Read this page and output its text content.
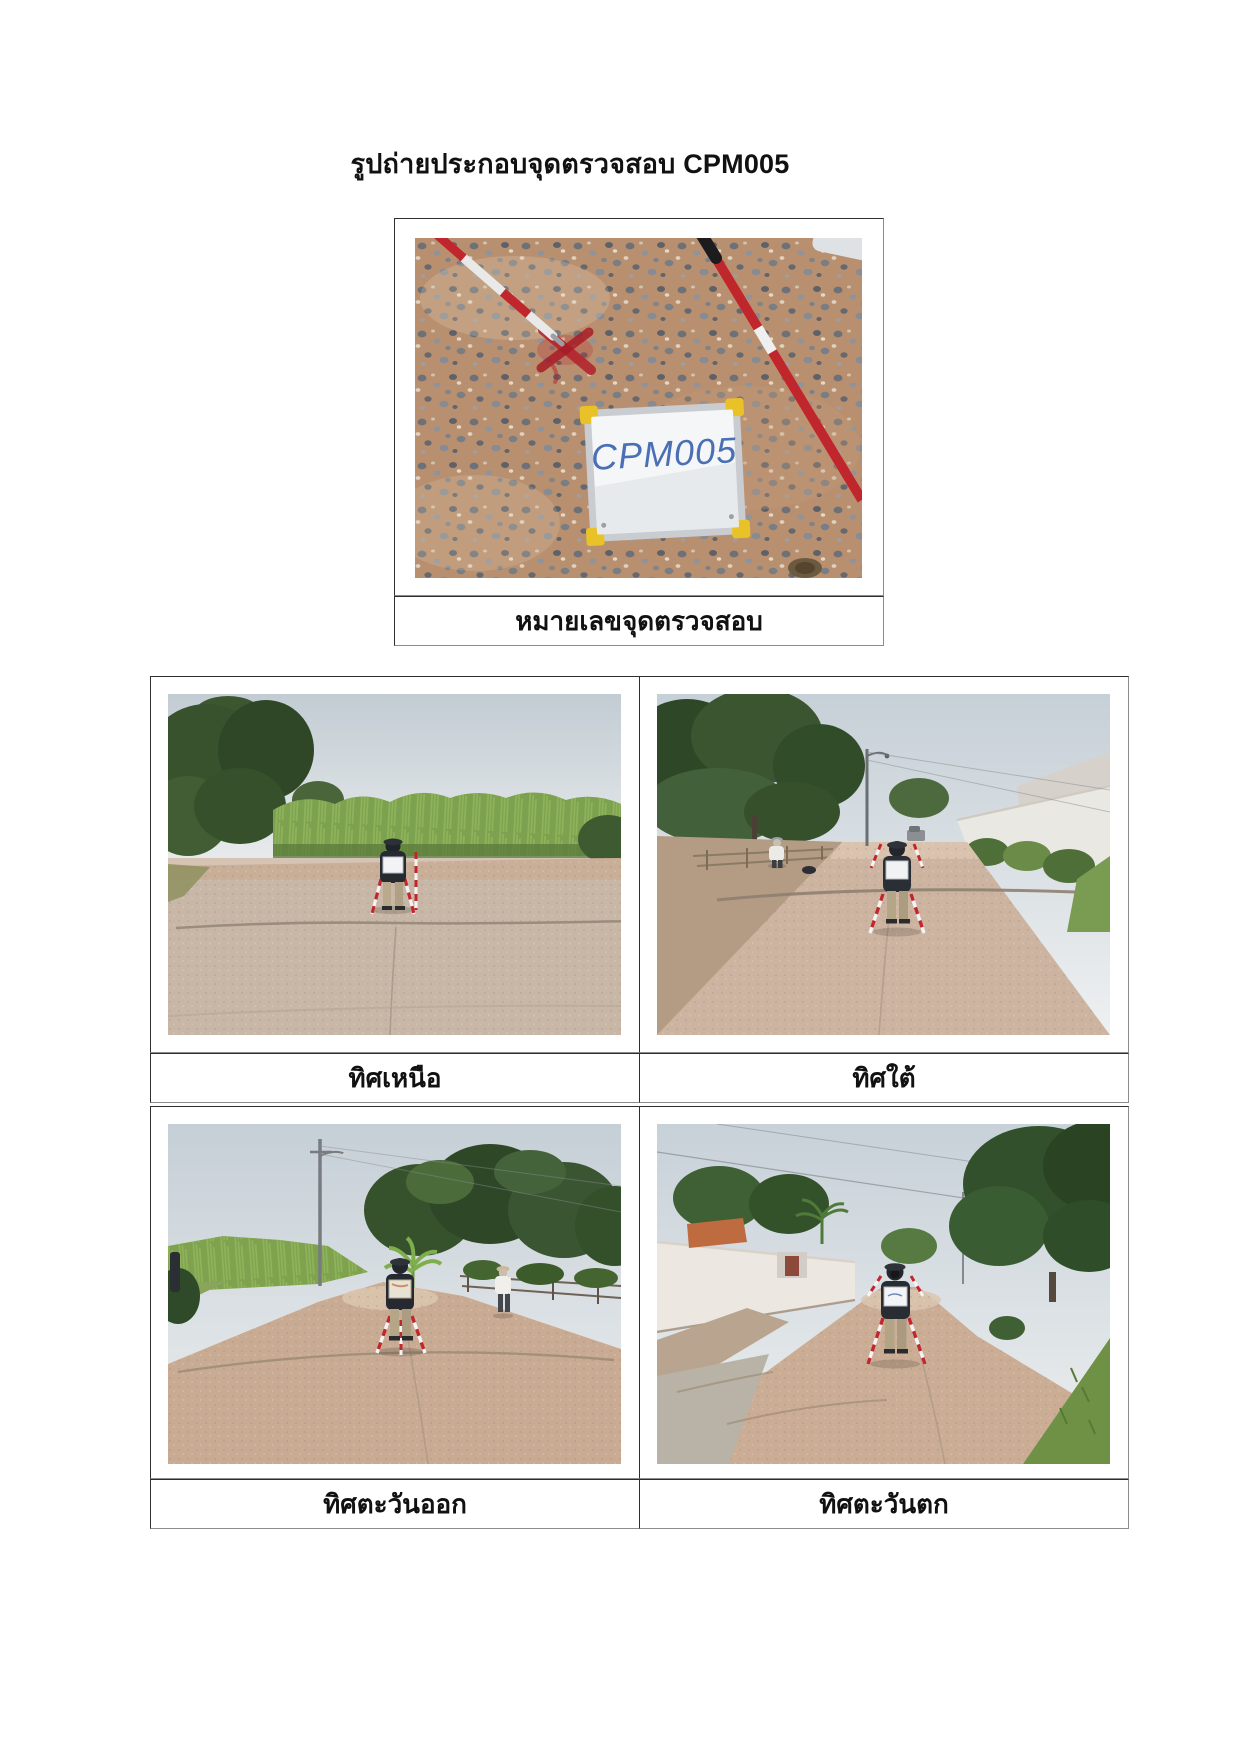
รูปถ่ายประกอบจุดตรวจสอบ CPM005
CPM005
หมายเลขจุดตรวจสอบ
ทิศเหนือ	ทิศใต้
ทิศตะวันออก	ทิศตะวันตก
